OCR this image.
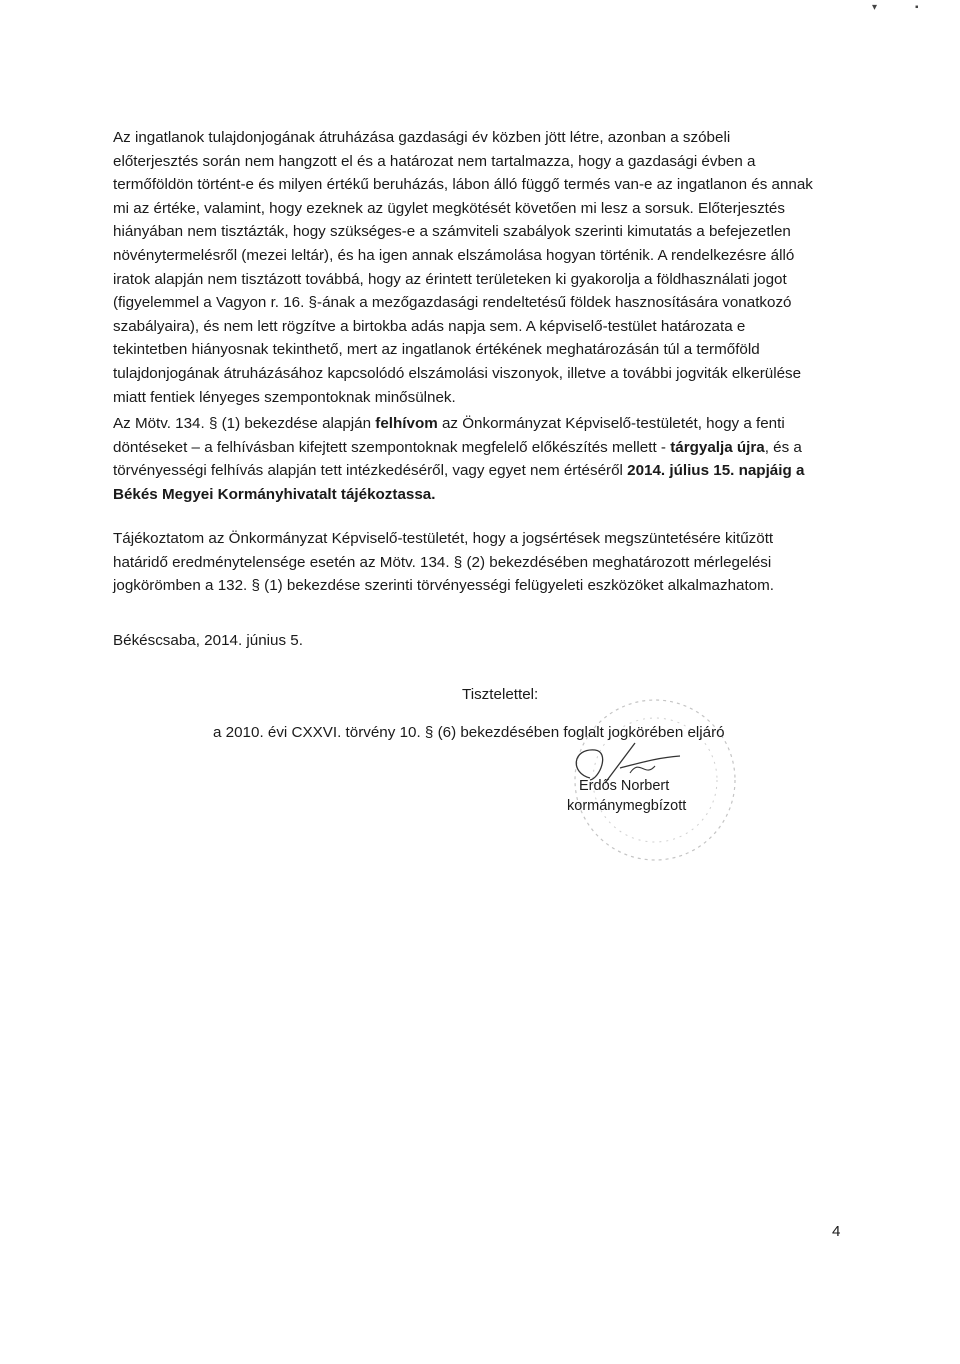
▾	▪

Az ingatlanok tulajdonjogának átruházása gazdasági év közben jött létre, azonban a szóbeli
előterjesztés során nem hangzott el és a határozat nem tartalmazza, hogy a gazdasági évben a
termőföldön történt-e és milyen értékű beruházás, lábon álló függő termés van-e az ingatlanon és annak
mi az értéke, valamint, hogy ezeknek az ügylet megkötését követően mi lesz a sorsuk. Előterjesztés
hiányában nem tisztázták, hogy szükséges-e a számviteli szabályok szerinti kimutatás a befejezetlen
növénytermelésről (mezei leltár), és ha igen annak elszámolása hogyan történik. A rendelkezésre álló
iratok alapján nem tisztázott továbbá, hogy az érintett területeken ki gyakorolja a földhasználati jogot
(figyelemmel a Vagyon r. 16. §-ának a mezőgazdasági rendeltetésű földek hasznosítására vonatkozó
szabályaira), és nem lett rögzítve a birtokba adás napja sem. A képviselő-testület határozata e
tekintetben hiányosnak tekinthető, mert az ingatlanok értékének meghatározásán túl a termőföld
tulajdonjogának átruházásához kapcsolódó elszámolási viszonyok, illetve a további jogviták elkerülése
miatt fentiek lényeges szempontoknak minősülnek.

Az Mötv. 134. § (1) bekezdése alapján felhívom az Önkormányzat Képviselő-testületét, hogy a fenti
döntéseket – a felhívásban kifejtett szempontoknak megfelelő előkészítés mellett - tárgyalja újra, és a
törvényességi felhívás alapján tett intézkedéséről, vagy egyet nem értéséről 2014. július 15. napjáig a
Békés Megyei Kormányhivatalt tájékoztassa.

Tájékoztatom az Önkormányzat Képviselő-testületét, hogy a jogsértések megszüntetésére kitűzött
határidő eredménytelensége esetén az Mötv. 134. § (2) bekezdésében meghatározott mérlegelési
jogkörömben a 132. § (1) bekezdése szerinti törvényességi felügyeleti eszközöket alkalmazhatom.

Békéscsaba, 2014. június 5.

Tisztelettel:

a 2010. évi CXXVI. törvény 10. § (6) bekezdésében foglalt jogkörében eljáró

Erdős Norbert
kormánymegbízott

4
